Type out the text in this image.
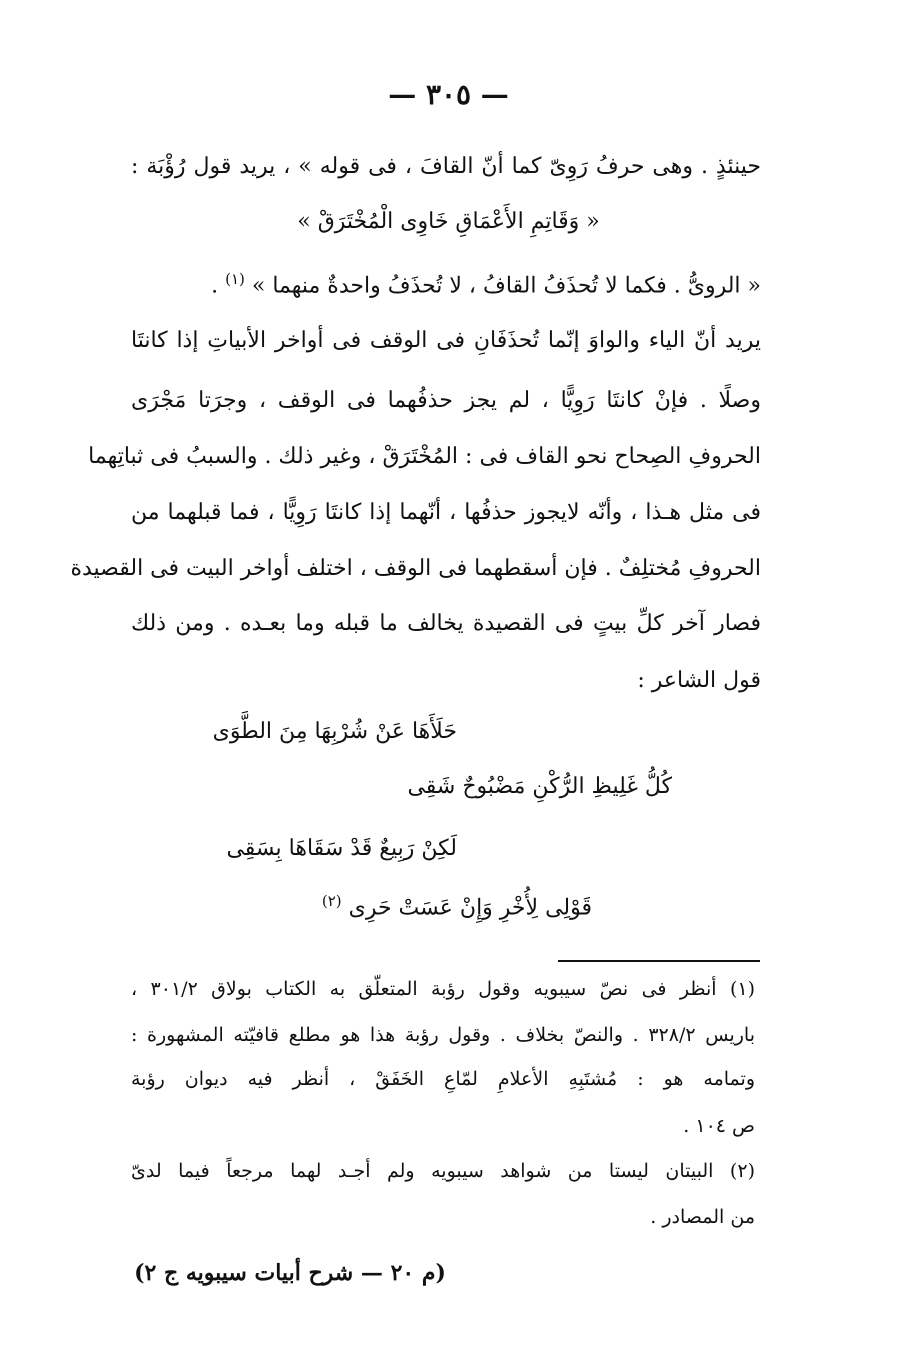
— ٣٠٥ —
حينئذٍ . وهى حرفُ رَوِىّ كما أنّ القافَ ، فى قوله » ، يريد قول رُؤْبَة :
« وَقَاتِمِ الأَعْمَاقِ خَاوِى الْمُخْتَرَقْ »
« الروىُّ . فكما لا تُحذَفُ القافُ ، لا تُحذَفُ واحدةٌ منهما » $^{(١)}$ .
يريد أنّ الياء والواوَ إنّما تُحذَفَانِ فى الوقف فى أواخر الأبياتِ إذا كانتَا
وصلًا . فإنْ كانتَا رَوِيًّا ، لم يجز حذفُهما فى الوقف ، وجرَتا مَجْرَى
الحروفِ الصِحاح نحو القاف فى : المُخْتَرَقْ ، وغير ذلك . والسببُ فى ثباتِهما
فى مثل هـذا ، وأنّه لايجوز حذفُها ، أنّهما إذا كانتَا رَوِيًّا ، فما قبلهما من
الحروفِ مُختلِفٌ . فإن أسقطهما فى الوقف ، اختلف أواخر البيت فى القصيدة
فصار آخر كلِّ بيتٍ فى القصيدة يخالف ما قبله وما بعـده . ومن ذلك
قول الشاعر :
حَلَأَهَا عَنْ شُرْبِهَا مِنَ الطَّوَى
كُلُّ غَلِيظِ الرُّكْنِ مَضْبُوحٌ شَقِى
لَكِنْ رَبِيعٌ قَدْ سَقَاهَا بِسَقِى
قَوْلِى لِأُخْرِ وَإِنْ عَسَتْ حَرِى $^{(٢)}$
(١) أنظر فى نصّ سيبويه وقول رؤبة المتعلّق به الكتاب بولاق ٣٠١/٢ ،
باريس ٣٢٨/٢ . والنصّ بخلاف . وقول رؤبة هذا هو مطلع قافيّته المشهورة :
وتمامه هو : مُشتَبِهِ الأعلامِ لمّاعِ الخَفَقْ ، أنظر فيه ديوان رؤبة
ص ١٠٤ .
(٢) البيتان ليستا من شواهد سيبويه ولم أجـد لهما مرجعاً فيما لدىّ
من المصادر .
(م ٢٠ — شرح أبيات سيبويه ج ٢)
